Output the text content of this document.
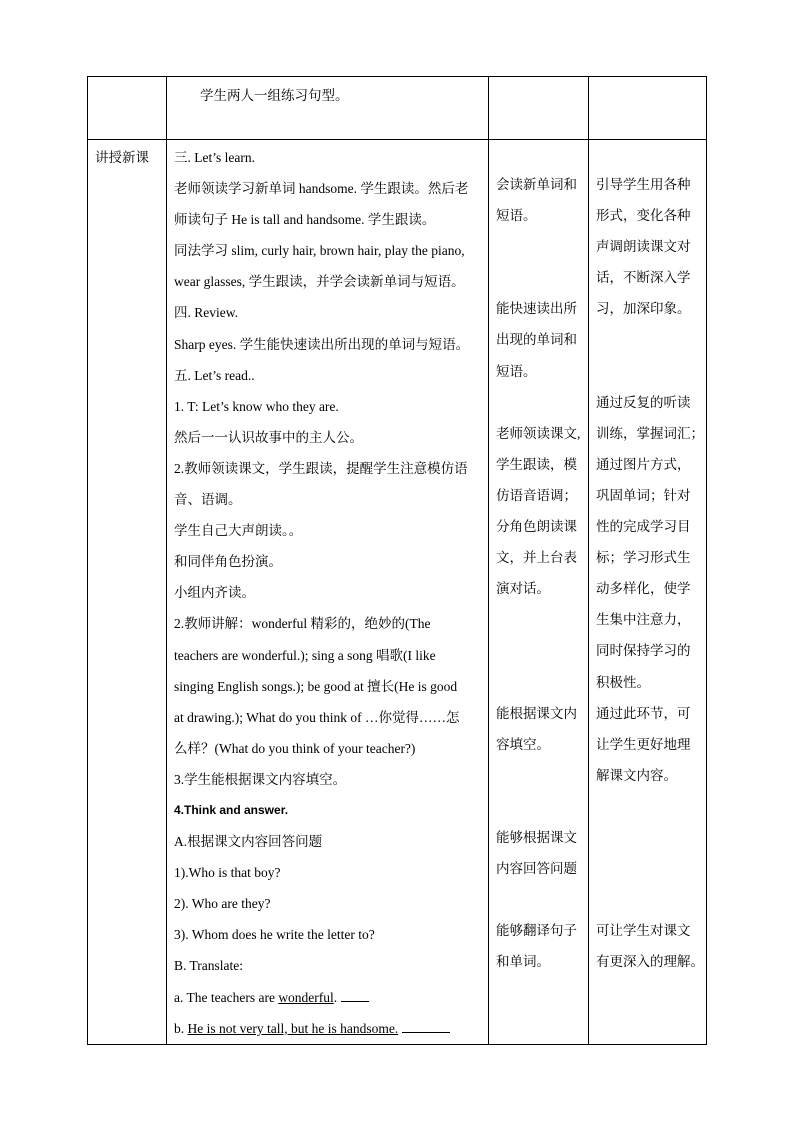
学生两人一组练习句型。
讲授新课	三. Let’s learn.
老师领读学习新单词 handsome. 学生跟读。然后老
师读句子 He is tall and handsome. 学生跟读。
同法学习 slim, curly hair, brown hair, play the piano,
wear glasses, 学生跟读，并学会读新单词与短语。
四. Review.
Sharp eyes. 学生能快速读出所出现的单词与短语。
五. Let’s read..
1. T: Let’s know who they are.
然后一一认识故事中的主人公。
2.教师领读课文，学生跟读，提醒学生注意模仿语
音、语调。
学生自己大声朗读。。
和同伴角色扮演。
小组内齐读。
2.教师讲解：wonderful 精彩的，绝妙的(The
teachers are wonderful.); sing a song 唱歌(I like
singing English songs.); be good at 擅长(He is good
at drawing.); What do you think of …你觉得……怎
么样？(What do you think of your teacher?)
3.学生能根据课文内容填空。
4.Think and answer.
A.根据课文内容回答问题
1).Who is that boy?
2). Who are they?
3). Whom does he write the letter to?
B. Translate:
a. The teachers are wonderful.
b. He is not very tall, but he is handsome.
会读新单词和
短语。
能快速读出所
出现的单词和
短语。
老师领读课文,
学生跟读，模
仿语音语调；
分角色朗读课
文，并上台表
演对话。
能根据课文内
容填空。
能够根据课文
内容回答问题
能够翻译句子
和单词。
引导学生用各种
形式，变化各种
声调朗读课文对
话，不断深入学
习，加深印象。
通过反复的听读
训练，掌握词汇；
通过图片方式，
巩固单词；针对
性的完成学习目
标；学习形式生
动多样化，使学
生集中注意力，
同时保持学习的
积极性。
通过此环节，可
让学生更好地理
解课文内容。
可让学生对课文
有更深入的理解。
